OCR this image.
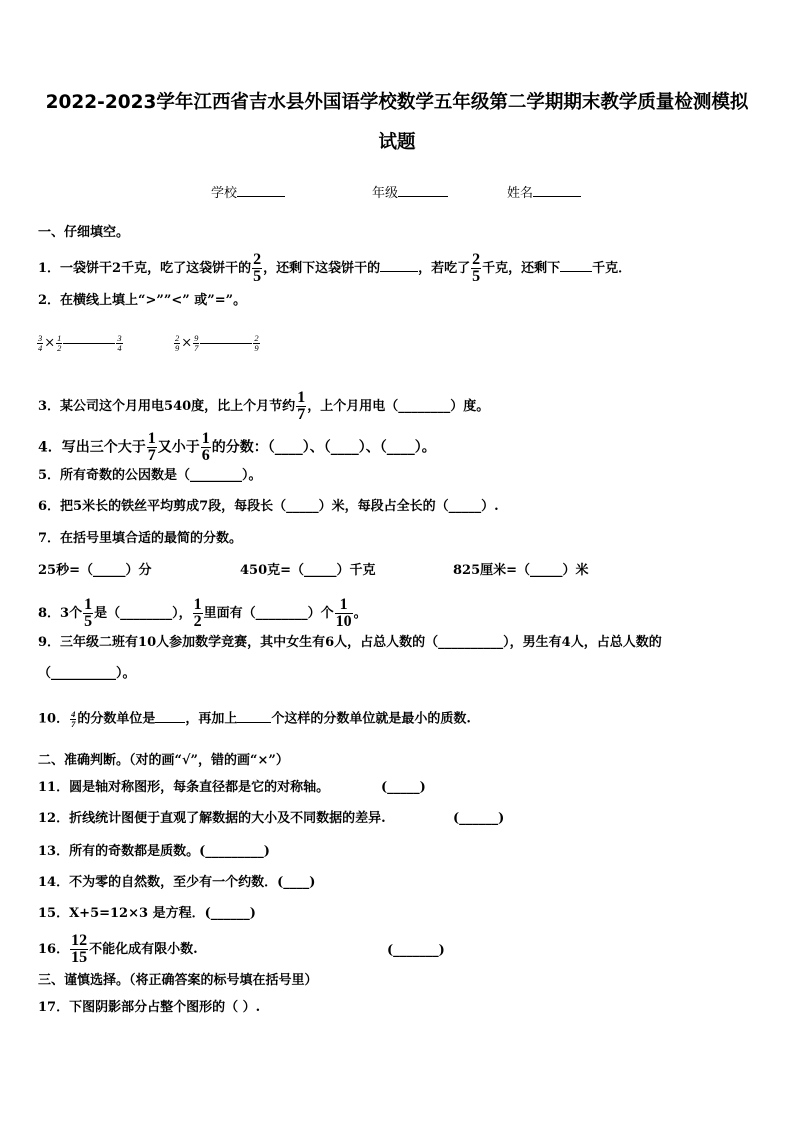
2022-2023学年江西省吉水县外国语学校数学五年级第二学期期末教学质量检测模拟
试题
学校	年级	姓名
一、仔细填空。
1．一袋饼干2千克，吃了这袋饼干的 $\frac{2}{5}$ ，还剩下这袋饼干的	，若吃了 $\frac{2}{5}$ 千克，还剩下 千克．
2．在横线上填上“>””<” 或”=”。
$\frac{3}{4} \times \frac{1}{2}$	$\frac{3}{4}$	$\frac{2}{9} \times \frac{9}{7}$	$\frac{2}{9}$
3．某公司这个月用电540度，比上个月节约 $\frac{1}{7}$ ，上个月用电（________）度。
4．写出三个大于 $\frac{1}{7}$ 又小于 $\frac{1}{6}$ 的分数：（____）、（____）、（____）。
5．所有奇数的公因数是（________）。
6．把5米长的铁丝平均剪成7段，每段长（_____）米，每段占全长的（_____）.
7．在括号里填合适的最简的分数。
25秒=（_____）分	450克=（_____）千克	825厘米=（_____）米
8．3个 $\frac{1}{5}$ 是（________）， $\frac{1}{2}$ 里面有（________）个 $\frac{1}{10}$ 。
9．三年级二班有10人参加数学竞赛，其中女生有6人，占总人数的（__________），男生有4人，占总人数的
（__________）。
10． $\frac{4}{7}$ 的分数单位是 ，再加上	个这样的分数单位就是最小的质数.
二、准确判断。（对的画“√”，错的画“×”）
11．圆是轴对称图形，每条直径都是它的对称轴。	(_____)
12．折线统计图便于直观了解数据的大小及不同数据的差异.	(______)
13．所有的奇数都是质数。(_________)
14．不为零的自然数，至少有一个约数．(____)
15．X+5=12×3 是方程．(______)
16． $\frac{12}{15}$ 不能化成有限小数.	(_______)
三、谨慎选择。（将正确答案的标号填在括号里）
17．下图阴影部分占整个图形的（ ）.
